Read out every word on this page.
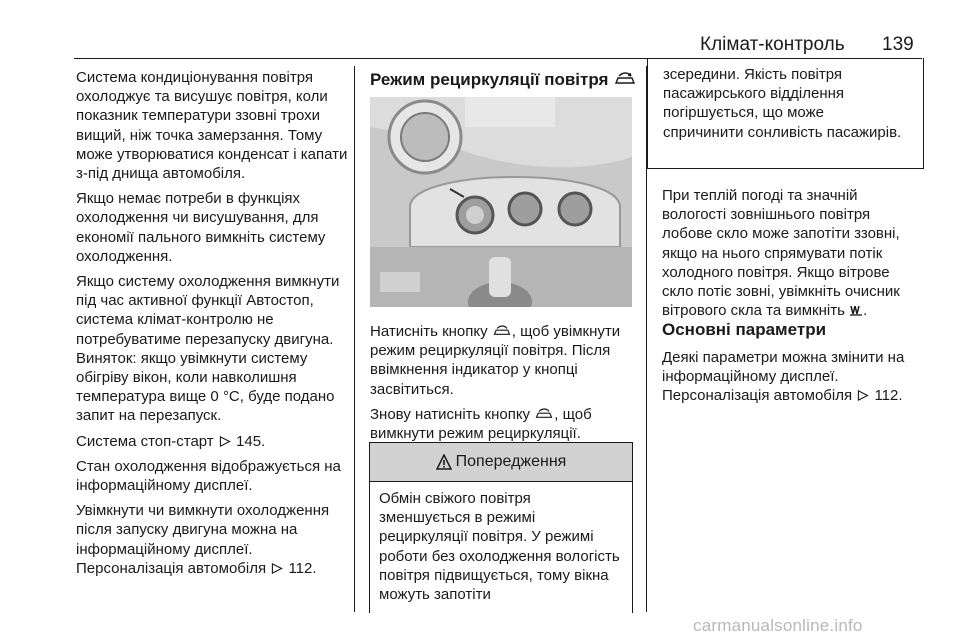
Клімат-контроль 139

Система кондиціонування повітря охолоджує та висушує повітря, коли показник температури ззовні трохи вищий, ніж точка замерзання. Тому може утворюватися конденсат і капати з-під днища автомобіля.

Якщо немає потреби в функціях охолодження чи висушування, для економії пального вимкніть систему охолодження.

Якщо систему охолодження вимкнути під час активної функції Автостоп, система клімат-контролю не потребуватиме перезапуску двигуна. Виняток: якщо увімкнути систему обігріву вікон, коли навколишня температура вище 0 °C, буде подано запит на перезапуск.

Система стоп-старт 145.

Стан охолодження відображується на інформаційному дисплеї.

Увімкнути чи вимкнути охолодження після запуску двигуна можна на інформаційному дисплеї. Персоналізація автомобіля 112.

Режим рециркуляції повітря

Натисніть кнопку , щоб увімкнути режим рециркуляції повітря. Після ввімкнення індикатор у кнопці засвітиться.

Знову натисніть кнопку , щоб вимкнути режим рециркуляції.

Попередження
Обмін свіжого повітря зменшується в режимі рециркуляції повітря. У режимі роботи без охолодження вологість повітря підвищується, тому вікна можуть запотіти
зсередини. Якість повітря пасажирського відділення погіршується, що може спричинити сонливість пасажирів.

При теплій погоді та значній вологості зовнішнього повітря лобове скло може запотіти ззовні, якщо на нього спрямувати потік холодного повітря. Якщо вітрове скло потіє зовні, увімкніть очисник вітрового скла та вимкніть .

Основні параметри

Деякі параметри можна змінити на інформаційному дисплеї. Персоналізація автомобіля 112.

carmanualsonline.info
